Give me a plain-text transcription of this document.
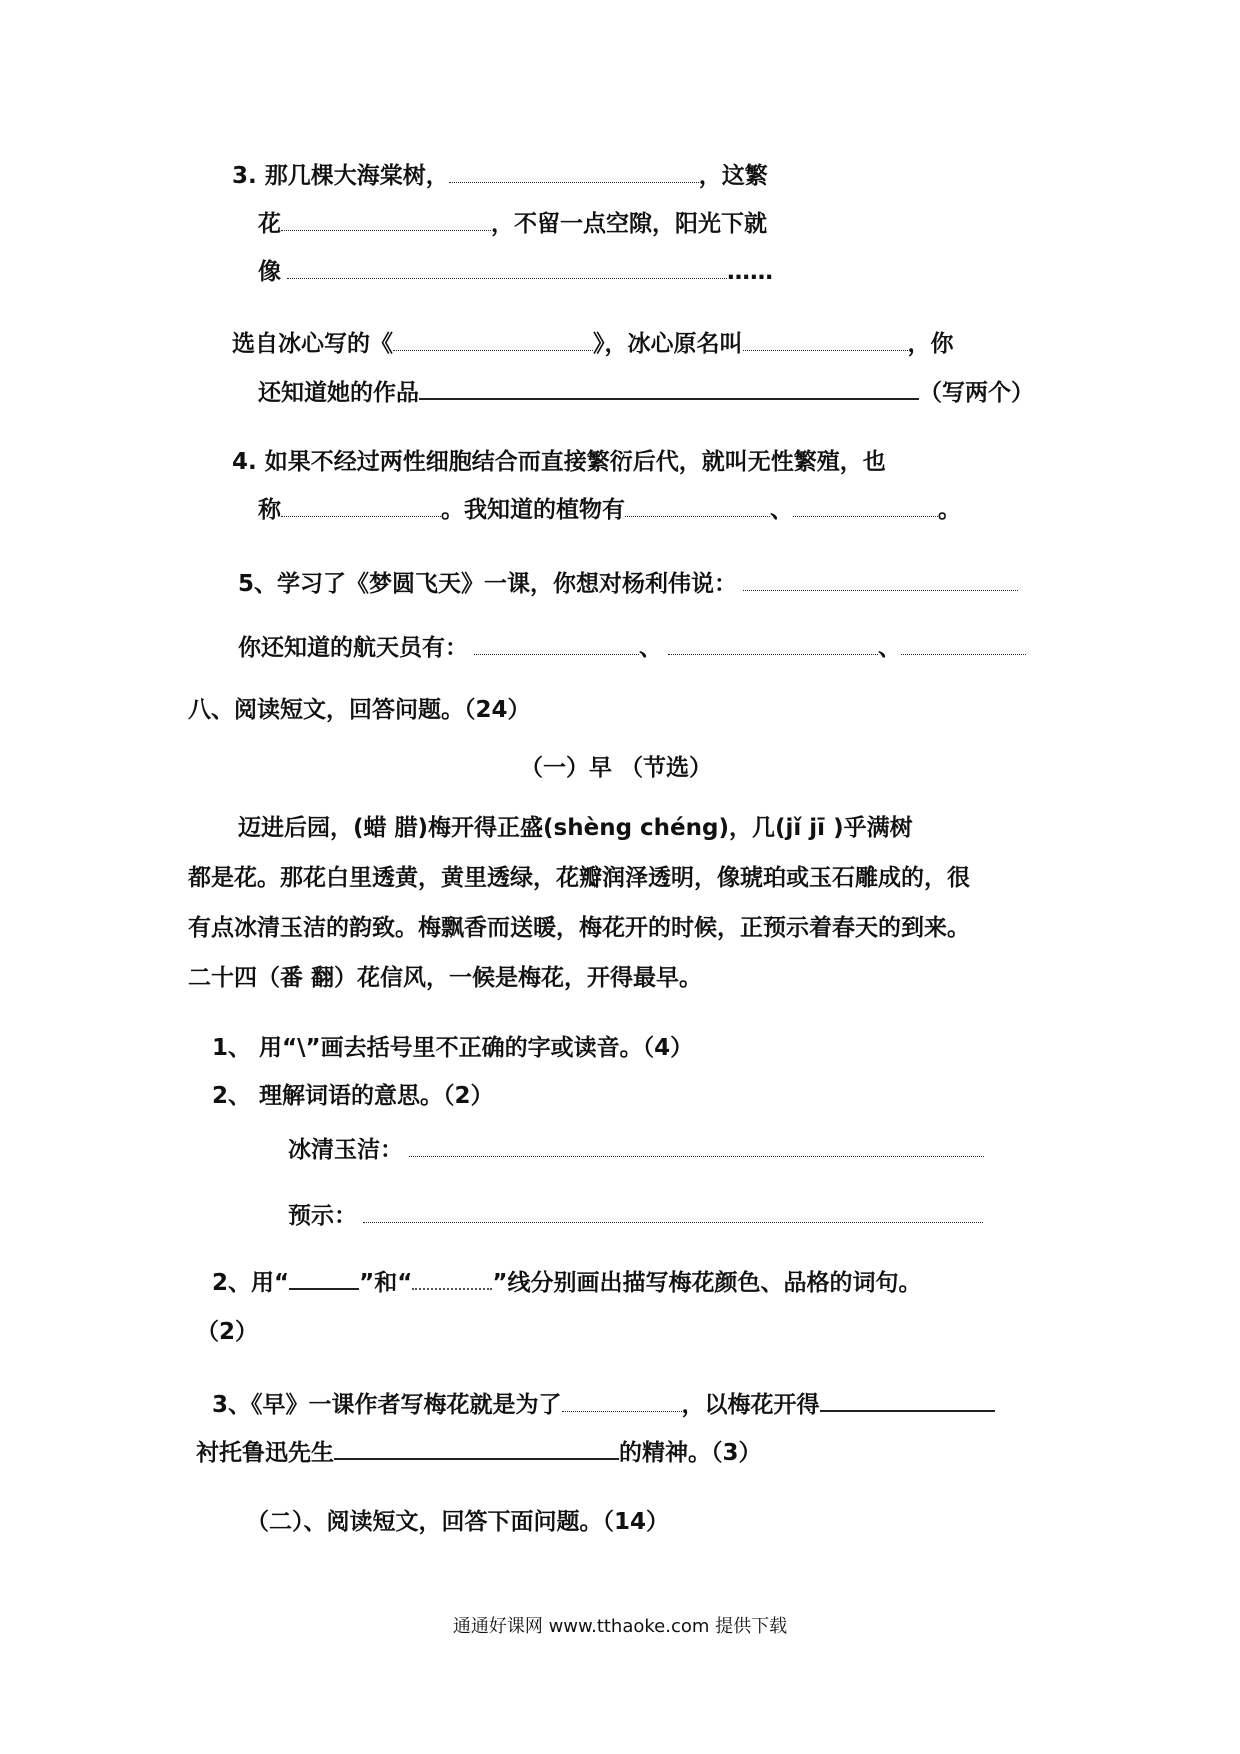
3. 那几棵大海棠树，	，这繁
花	，不留一点空隙，阳光下就
像	……
选自冰心写的《	》，冰心原名叫	，你
还知道她的作品	（写两个）
4. 如果不经过两性细胞结合而直接繁衍后代，就叫无性繁殖，也
称	。我知道的植物有	、	。
5、学习了《梦圆飞天》一课，你想对杨利伟说：
你还知道的航天员有：	、	、
八、阅读短文，回答问题。（24）
（一）早 （节选）
迈进后园，(蜡 腊)梅开得正盛(shèng chéng)，几(jǐ jī )乎满树
都是花。那花白里透黄，黄里透绿，花瓣润泽透明，像琥珀或玉石雕成的，很
有点冰清玉洁的韵致。梅飘香而送暖，梅花开的时候，正预示着春天的到来。
二十四（番 翻）花信风，一候是梅花，开得最早。
1、 用“\”画去括号里不正确的字或读音。（4）
2、 理解词语的意思。（2）
冰清玉洁：
预示：
2、用“	”和“	”线分别画出描写梅花颜色、品格的词句。
（2）
3、《早》一课作者写梅花就是为了	，以梅花开得
衬托鲁迅先生	的精神。（3）
（二）、阅读短文，回答下面问题。（14）
通通好课网 www.tthaoke.com 提供下载
